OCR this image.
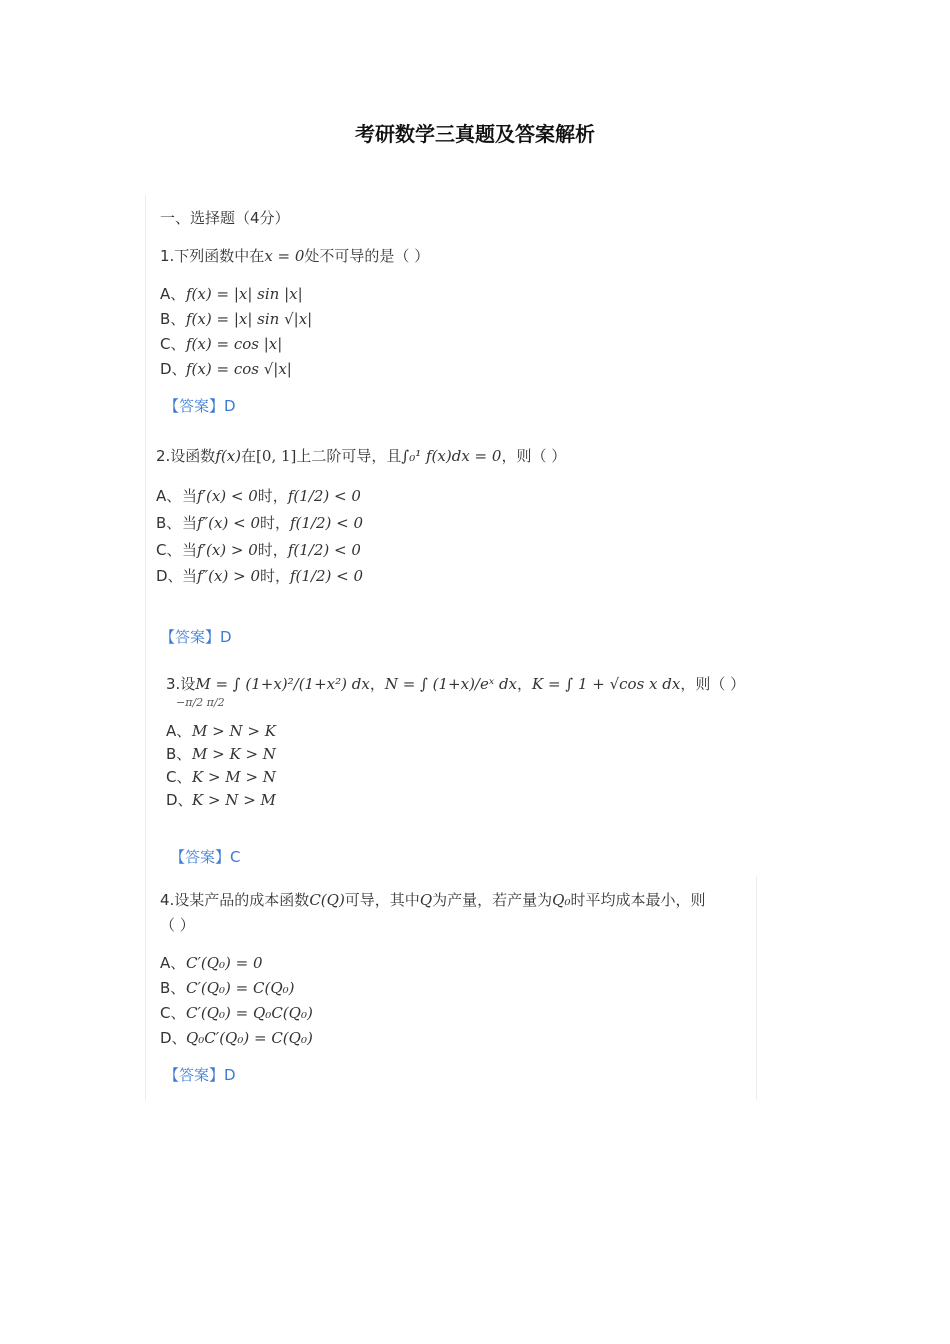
考研数学三真题及答案解析
一、选择题（4分）
1.下列函数中在x = 0处不可导的是（ ）
A、f(x) = |x| sin |x|
B、f(x) = |x| sin √|x|
C、f(x) = cos |x|
D、f(x) = cos √|x|
【答案】D
2.设函数f(x)在[0, 1]上二阶可导，且∫₀¹ f(x)dx = 0，则（ ）
A、当f′(x) < 0时，f(1/2) < 0
B、当f″(x) < 0时，f(1/2) < 0
C、当f′(x) > 0时，f(1/2) < 0
D、当f″(x) > 0时，f(1/2) < 0
【答案】D
3.设M = ∫ (1+x)²/(1+x²) dx，N = ∫ (1+x)/eˣ dx，K = ∫ 1 + √cos x dx，则（ ）
−π/2 π/2
A、M > N > K
B、M > K > N
C、K > M > N
D、K > N > M
【答案】C
4.设某产品的成本函数C(Q)可导，其中Q为产量，若产量为Q₀时平均成本最小，则
（ ）
A、C′(Q₀) = 0
B、C′(Q₀) = C(Q₀)
C、C′(Q₀) = Q₀C(Q₀)
D、Q₀C′(Q₀) = C(Q₀)
【答案】D
